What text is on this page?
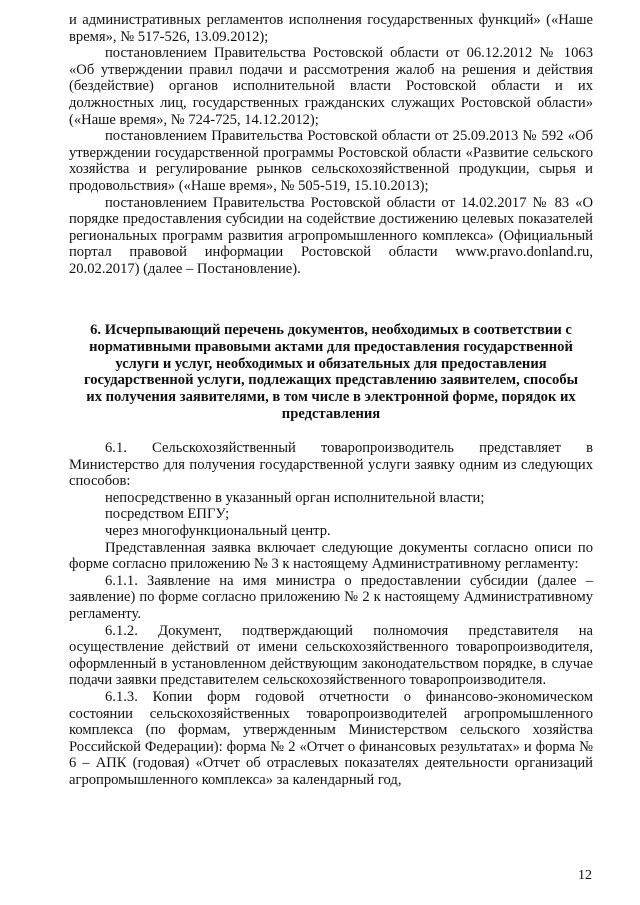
и административных регламентов исполнения государственных функций» («Наше время», № 517-526, 13.09.2012);

постановлением Правительства Ростовской области от 06.12.2012 № 1063 «Об утверждении правил подачи и рассмотрения жалоб на решения и действия (бездействие) органов исполнительной власти Ростовской области и их должностных лиц, государственных гражданских служащих Ростовской области» («Наше время», № 724-725, 14.12.2012);

постановлением Правительства Ростовской области от 25.09.2013 № 592 «Об утверждении государственной программы Ростовской области «Развитие сельского хозяйства и регулирование рынков сельскохозяйственной продукции, сырья и продовольствия» («Наше время», № 505-519, 15.10.2013);

постановлением Правительства Ростовской области от 14.02.2017 № 83 «О порядке предоставления субсидии на содействие достижению целевых показателей региональных программ развития агропромышленного комплекса» (Официальный портал правовой информации Ростовской области www.pravo.donland.ru, 20.02.2017) (далее – Постановление).

6. Исчерпывающий перечень документов, необходимых в соответствии с нормативными правовыми актами для предоставления государственной услуги и услуг, необходимых и обязательных для предоставления государственной услуги, подлежащих представлению заявителем, способы их получения заявителями, в том числе в электронной форме, порядок их представления

6.1. Сельскохозяйственный товаропроизводитель представляет в Министерство для получения государственной услуги заявку одним из следующих способов:

непосредственно в указанный орган исполнительной власти;

посредством ЕПГУ;

через многофункциональный центр.

Представленная заявка включает следующие документы согласно описи по форме согласно приложению № 3 к настоящему Административному регламенту:

6.1.1. Заявление на имя министра о предоставлении субсидии (далее – заявление) по форме согласно приложению № 2 к настоящему Административному регламенту.

6.1.2. Документ, подтверждающий полномочия представителя на осуществление действий от имени сельскохозяйственного товаропроизводителя, оформленный в установленном действующим законодательством порядке, в случае подачи заявки представителем сельскохозяйственного товаропроизводителя.

6.1.3. Копии форм годовой отчетности о финансово-экономическом состоянии сельскохозяйственных товаропроизводителей агропромышленного комплекса (по формам, утвержденным Министерством сельского хозяйства Российской Федерации): форма № 2 «Отчет о финансовых результатах» и форма № 6 – АПК (годовая) «Отчет об отраслевых показателях деятельности организаций агропромышленного комплекса» за календарный год,

12
